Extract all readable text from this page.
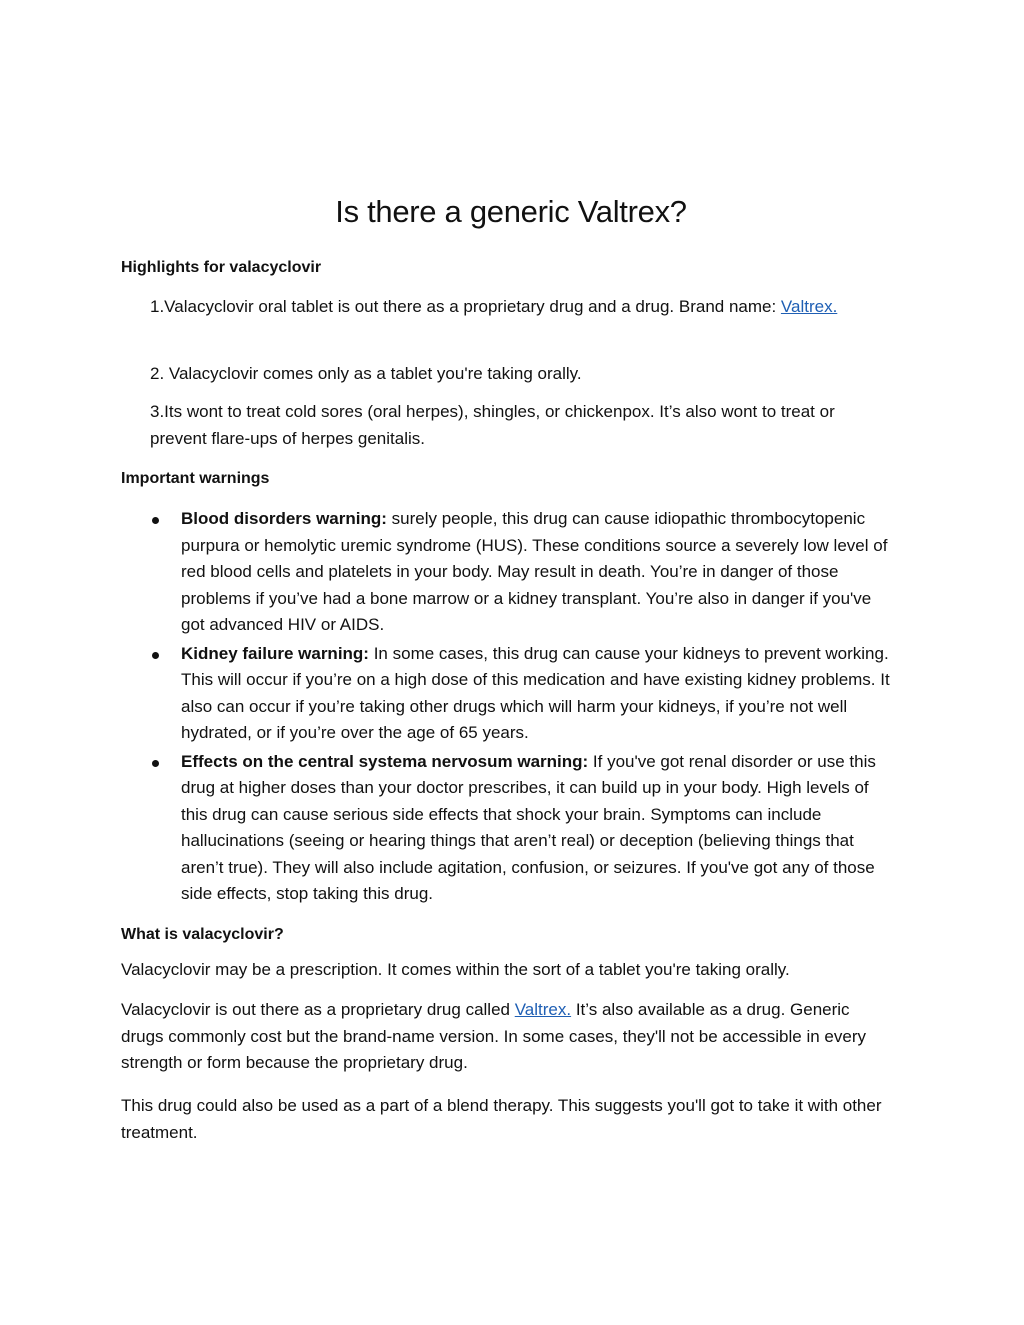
Is there a generic Valtrex?
Highlights for valacyclovir

1.Valacyclovir oral tablet is out there as a proprietary drug and a drug. Brand name: Valtrex.

2. Valacyclovir comes only as a tablet you're taking orally.

3.Its wont to treat cold sores (oral herpes), shingles, or chickenpox. It’s also wont to treat or prevent flare-ups of herpes genitalis.

Important warnings
Blood disorders warning: surely people, this drug can cause idiopathic thrombocytopenic purpura or hemolytic uremic syndrome (HUS). These conditions source a severely low level of red blood cells and platelets in your body. May result in death. You’re in danger of those problems if you’ve had a bone marrow or a kidney transplant. You’re also in danger if you've got advanced HIV or AIDS.
Kidney failure warning: In some cases, this drug can cause your kidneys to prevent working. This will occur if you’re on a high dose of this medication and have existing kidney problems. It also can occur if you’re taking other drugs which will harm your kidneys, if you’re not well hydrated, or if you’re over the age of 65 years.
Effects on the central systema nervosum warning: If you've got renal disorder or use this drug at higher doses than your doctor prescribes, it can build up in your body. High levels of this drug can cause serious side effects that shock your brain. Symptoms can include hallucinations (seeing or hearing things that aren’t real) or deception (believing things that aren’t true). They will also include agitation, confusion, or seizures. If you've got any of those side effects, stop taking this drug.
What is valacyclovir?

Valacyclovir may be a prescription. It comes within the sort of a tablet you're taking orally.

Valacyclovir is out there as a proprietary drug called Valtrex. It’s also available as a drug. Generic drugs commonly cost but the brand-name version. In some cases, they'll not be accessible in every strength or form because the proprietary drug.

This drug could also be used as a part of a blend therapy. This suggests you'll got to take it with other treatment.
